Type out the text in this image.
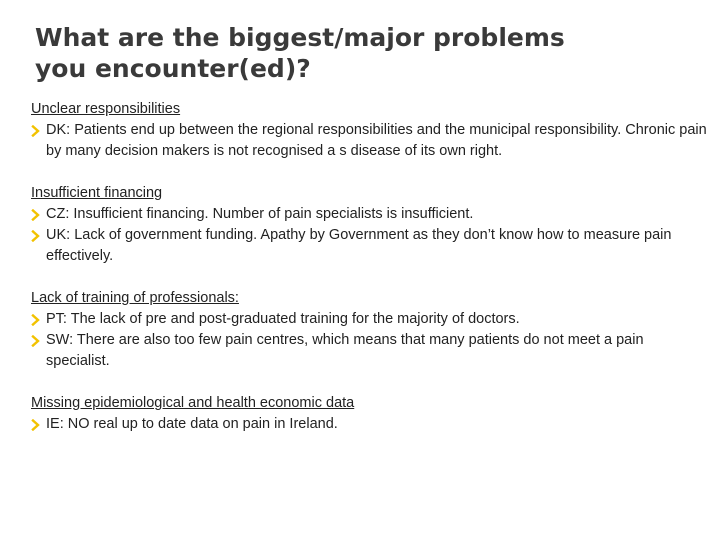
What are the biggest/major problems
you encounter(ed)?
Unclear responsibilities
DK: Patients end up between the regional responsibilities and the municipal responsibility. Chronic pain by many decision makers is not recognised a s disease of its own right.
Insufficient financing
CZ: Insufficient financing. Number of pain specialists is insufficient.
UK: Lack of government funding. Apathy by Government as they don’t know how to measure pain effectively.
Lack of training of professionals:
PT: The lack of pre and post-graduated training for the majority of doctors.
SW: There are also too few pain centres, which means that many patients do not meet a pain specialist.
Missing epidemiological and health economic data
IE: NO real up to date data on pain in Ireland.
